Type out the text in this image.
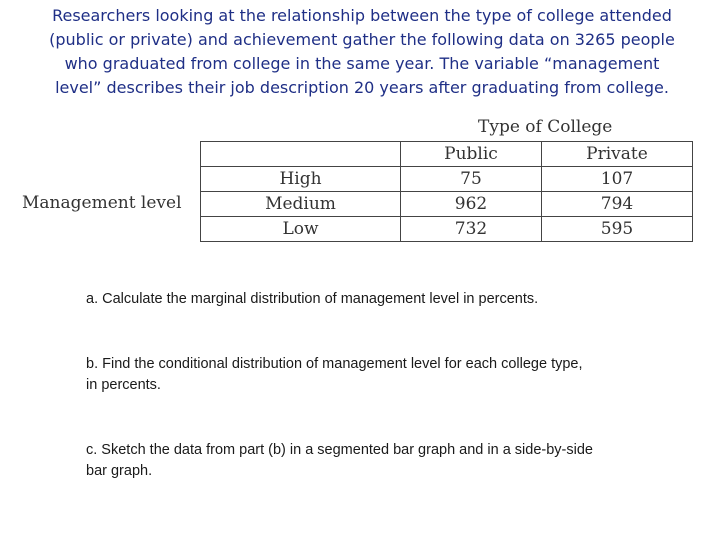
Researchers looking at the relationship between the type of college attended
(public or private) and achievement gather the following data on 3265 people
who graduated from college in the same year. The variable “management
level” describes their job description 20 years after graduating from college.
Type of College
Management level
	Public	Private
High	75	107
Medium	962	794
Low	732	595
a. Calculate the marginal distribution of management level in percents.
b. Find the conditional distribution of management level for each college type,
in percents.
c. Sketch the data from part (b) in a segmented bar graph and in a side-by-side
bar graph.
